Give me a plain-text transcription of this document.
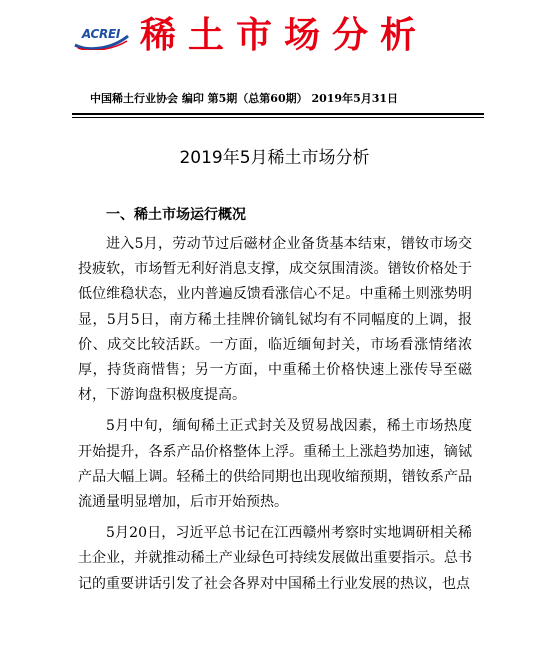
ACREI 稀土市场分析
中国稀土行业协会 编印 第5期（总第60期） 2019年5月31日
2019年5月稀土市场分析
一、稀土市场运行概况

进入5月，劳动节过后磁材企业备货基本结束，镨钕市场交投疲软，市场暂无利好消息支撑，成交氛围清淡。镨钕价格处于低位维稳状态，业内普遍反馈看涨信心不足。中重稀土则涨势明显，5月5日，南方稀土挂牌价镝钆铽均有不同幅度的上调，报价、成交比较活跃。一方面，临近缅甸封关，市场看涨情绪浓厚，持货商惜售；另一方面，中重稀土价格快速上涨传导至磁材，下游询盘积极度提高。

5月中旬，缅甸稀土正式封关及贸易战因素，稀土市场热度开始提升，各系产品价格整体上浮。重稀土上涨趋势加速，镝铽产品大幅上调。轻稀土的供给同期也出现收缩预期，镨钕系产品流通量明显增加，后市开始预热。

5月20日，习近平总书记在江西赣州考察时实地调研相关稀土企业，并就推动稀土产业绿色可持续发展做出重要指示。总书记的重要讲话引发了社会各界对中国稀土行业发展的热议，也点
